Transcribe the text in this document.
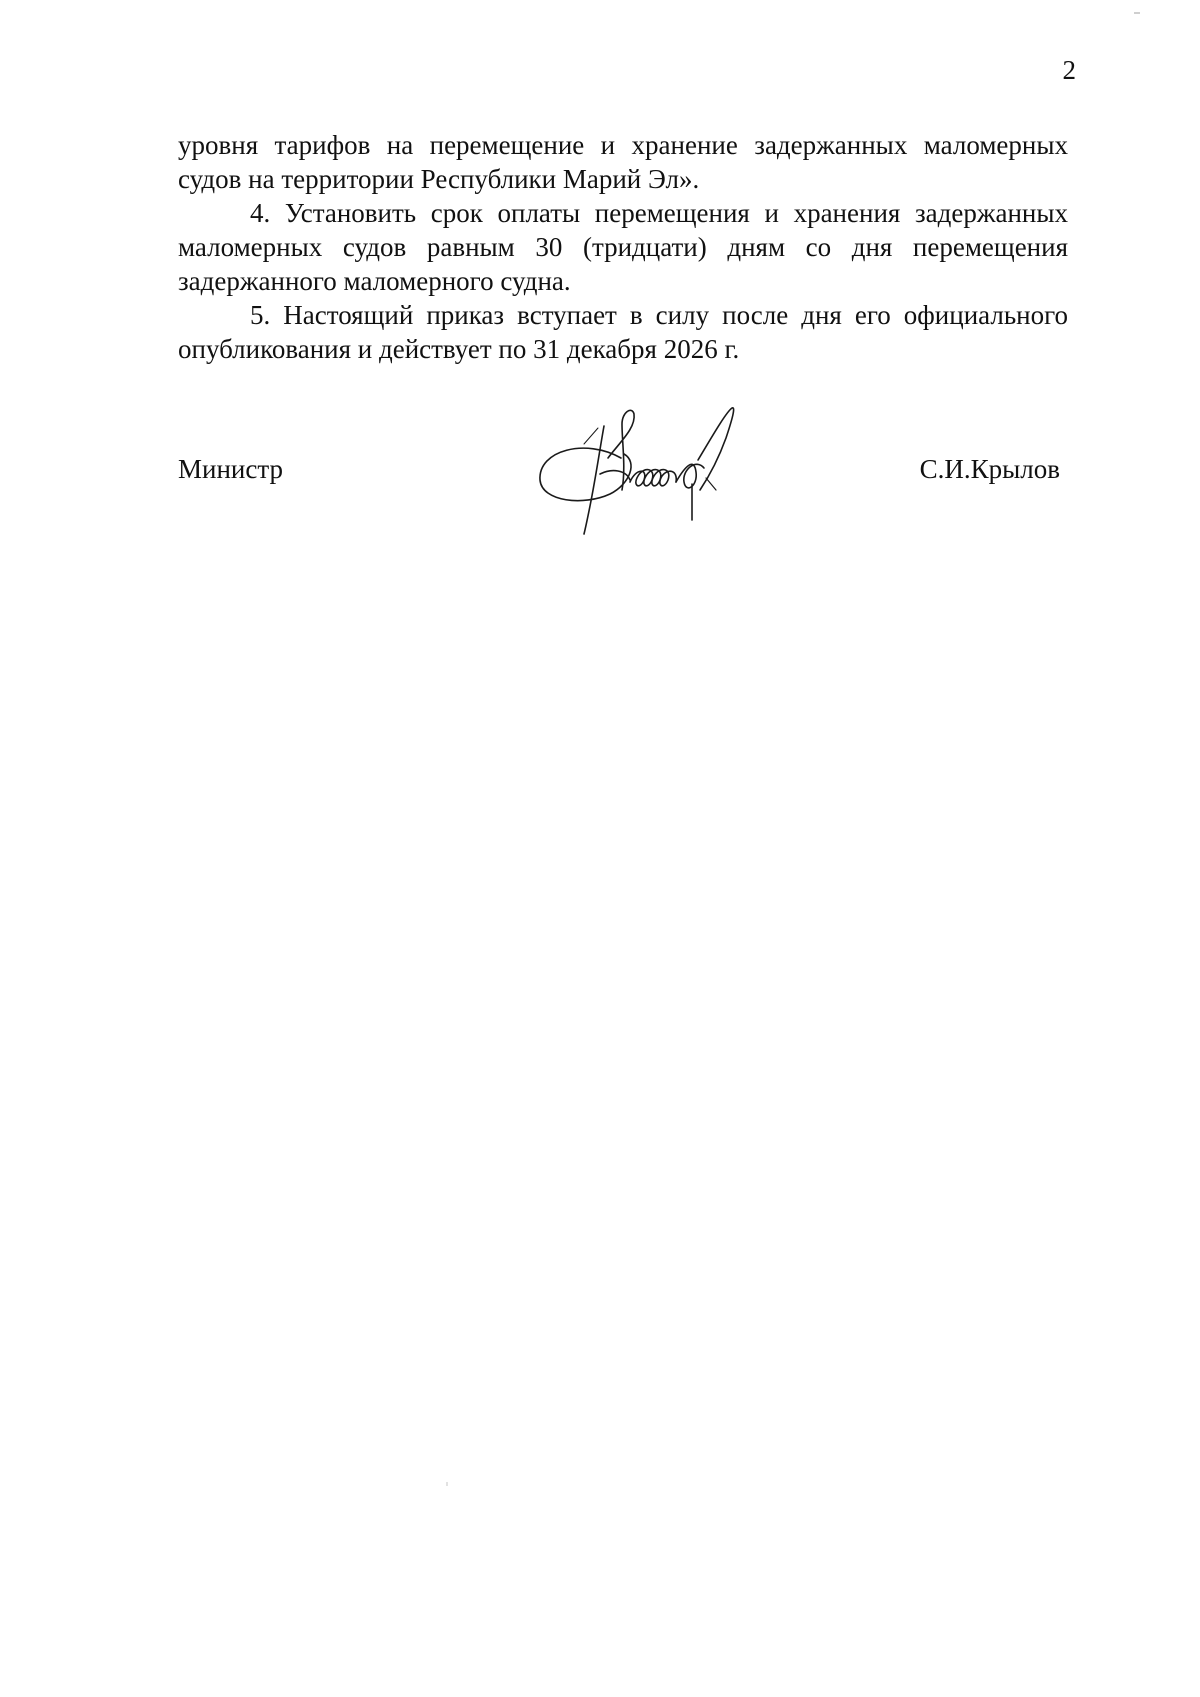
2

уровня тарифов на перемещение и хранение задержанных маломерных судов на территории Республики Марий Эл».

4. Установить срок оплаты перемещения и хранения задержанных маломерных судов равным 30 (тридцати) дням со дня перемещения задержанного маломерного судна.

5. Настоящий приказ вступает в силу после дня его официального опубликования и действует по 31 декабря 2026 г.

Министр	С.И.Крылов
